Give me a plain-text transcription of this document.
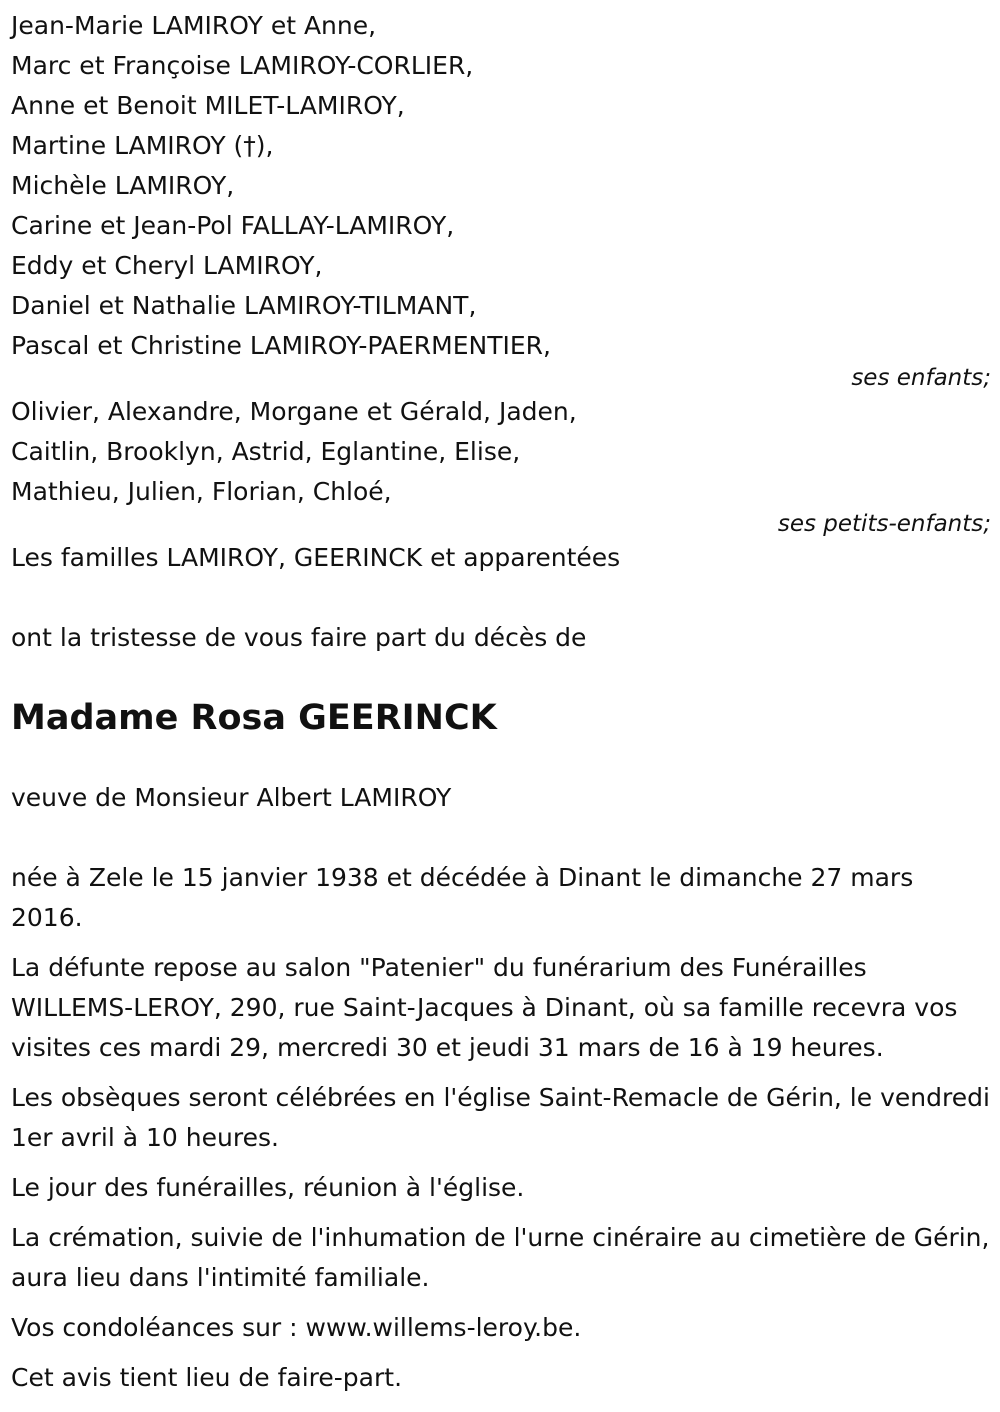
Jean-Marie LAMIROY et Anne,
Marc et Françoise LAMIROY-CORLIER,
Anne et Benoit MILET-LAMIROY,
Martine LAMIROY (†),
Michèle LAMIROY,
Carine et Jean-Pol FALLAY-LAMIROY,
Eddy et Cheryl LAMIROY,
Daniel et Nathalie LAMIROY-TILMANT,
Pascal et Christine LAMIROY-PAERMENTIER,
ses enfants;
Olivier, Alexandre, Morgane et Gérald, Jaden,
Caitlin, Brooklyn, Astrid, Eglantine, Elise,
Mathieu, Julien, Florian, Chloé,
ses petits-enfants;
Les familles LAMIROY, GEERINCK et apparentées
ont la tristesse de vous faire part du décès de
Madame Rosa GEERINCK
veuve de Monsieur Albert LAMIROY
née à Zele le 15 janvier 1938 et décédée à Dinant le dimanche 27 mars 2016.
La défunte repose au salon "Patenier" du funérarium des Funérailles WILLEMS-LEROY, 290, rue Saint-Jacques à Dinant, où sa famille recevra vos visites ces mardi 29, mercredi 30 et jeudi 31 mars de 16 à 19 heures.
Les obsèques seront célébrées en l'église Saint-Remacle de Gérin, le vendredi 1er avril à 10 heures.
Le jour des funérailles, réunion à l'église.
La crémation, suivie de l'inhumation de l'urne cinéraire au cimetière de Gérin, aura lieu dans l'intimité familiale.
Vos condoléances sur : www.willems-leroy.be.
Cet avis tient lieu de faire-part.
